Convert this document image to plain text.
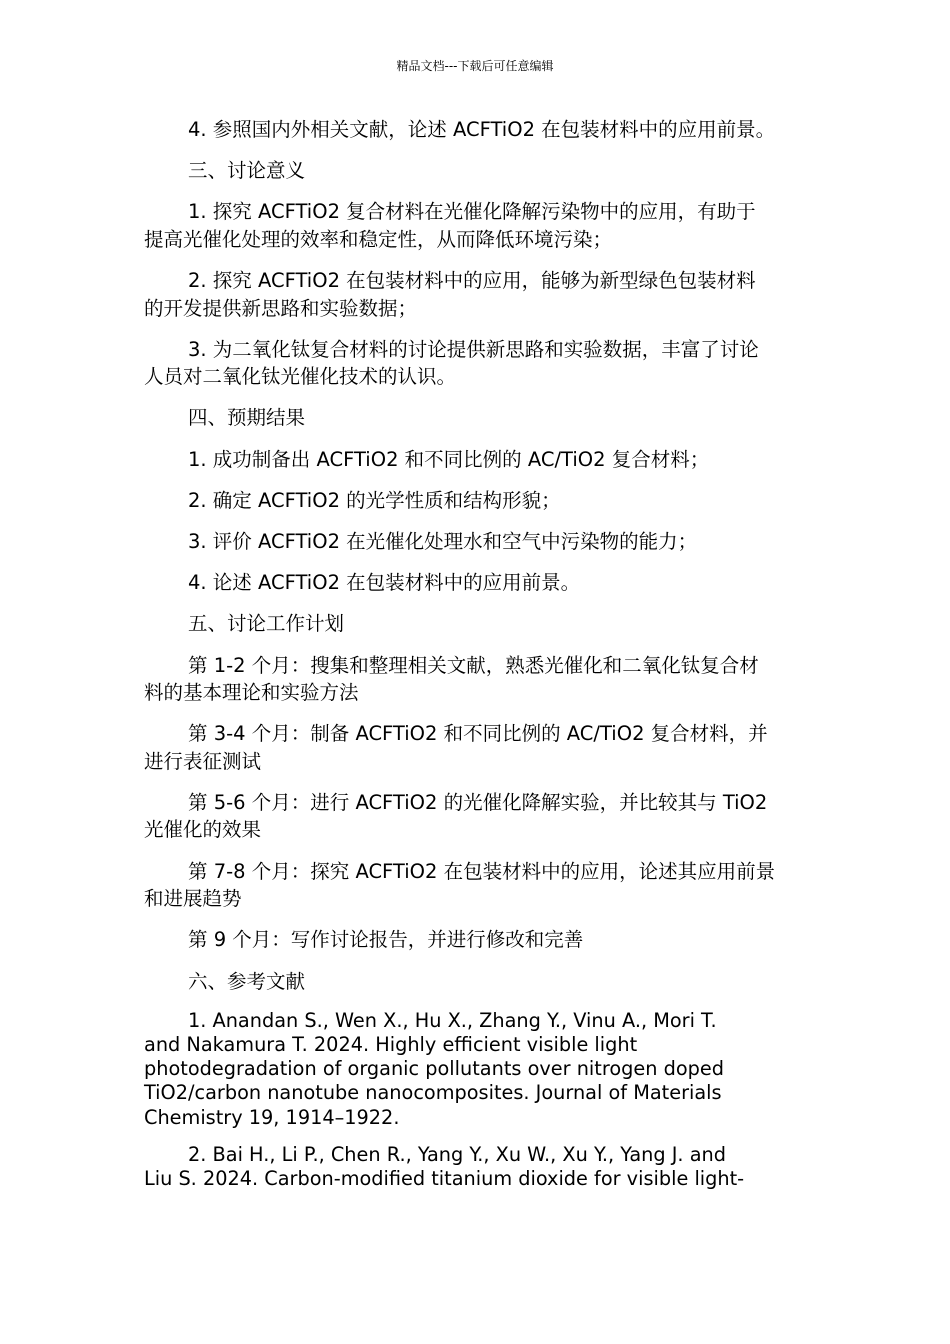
精品文档---下载后可任意编辑

4. 参照国内外相关文献，论述 ACFTiO2 在包装材料中的应用前景。

三、讨论意义

1. 探究 ACFTiO2 复合材料在光催化降解污染物中的应用，有助于
提高光催化处理的效率和稳定性，从而降低环境污染；

2. 探究 ACFTiO2 在包装材料中的应用，能够为新型绿色包装材料
的开发提供新思路和实验数据；

3. 为二氧化钛复合材料的讨论提供新思路和实验数据，丰富了讨论
人员对二氧化钛光催化技术的认识。

四、预期结果

1. 成功制备出 ACFTiO2 和不同比例的 AC/TiO2 复合材料；

2. 确定 ACFTiO2 的光学性质和结构形貌；

3. 评价 ACFTiO2 在光催化处理水和空气中污染物的能力；

4. 论述 ACFTiO2 在包装材料中的应用前景。

五、讨论工作计划

第 1-2 个月：搜集和整理相关文献，熟悉光催化和二氧化钛复合材
料的基本理论和实验方法

第 3-4 个月：制备 ACFTiO2 和不同比例的 AC/TiO2 复合材料，并
进行表征测试

第 5-6 个月：进行 ACFTiO2 的光催化降解实验，并比较其与 TiO2
光催化的效果

第 7-8 个月：探究 ACFTiO2 在包装材料中的应用，论述其应用前景
和进展趋势

第 9 个月：写作讨论报告，并进行修改和完善

六、参考文献

1. Anandan S., Wen X., Hu X., Zhang Y., Vinu A., Mori T.
and Nakamura T. 2024. Highly efficient visible light
photodegradation of organic pollutants over nitrogen doped
TiO2/carbon nanotube nanocomposites. Journal of Materials
Chemistry 19, 1914–1922.

2. Bai H., Li P., Chen R., Yang Y., Xu W., Xu Y., Yang J. and
Liu S. 2024. Carbon-modified titanium dioxide for visible light-
